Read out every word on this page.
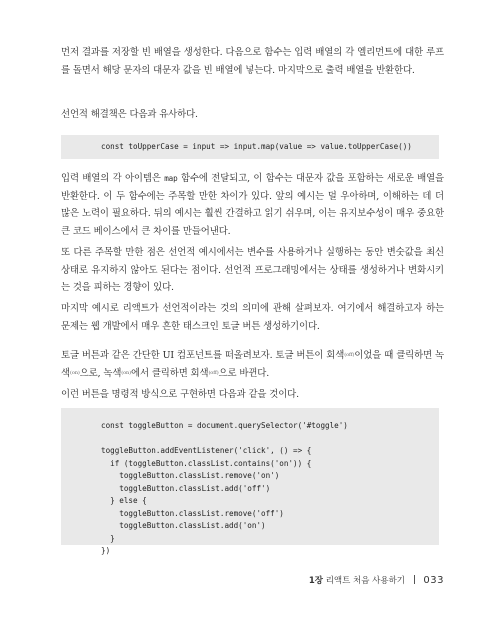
먼저 결과를 저장할 빈 배열을 생성한다. 다음으로 함수는 입력 배열의 각 엘리먼트에 대한 루프를 돌면서 해당 문자의 대문자 값을 빈 배열에 넣는다. 마지막으로 출력 배열을 반환한다.

선언적 해결책은 다음과 유사하다.

const toUpperCase = input => input.map(value => value.toUpperCase())

입력 배열의 각 아이템은 map 함수에 전달되고, 이 함수는 대문자 값을 포함하는 새로운 배열을 반환한다. 이 두 함수에는 주목할 만한 차이가 있다. 앞의 예시는 덜 우아하며, 이해하는 데 더 많은 노력이 필요하다. 뒤의 예시는 훨씬 간결하고 읽기 쉬우며, 이는 유지보수성이 매우 중요한 큰 코드 베이스에서 큰 차이를 만들어낸다.

또 다른 주목할 만한 점은 선언적 예시에서는 변수를 사용하거나 실행하는 동안 변숫값을 최신 상태로 유지하지 않아도 된다는 점이다. 선언적 프로그래밍에서는 상태를 생성하거나 변화시키는 것을 피하는 경향이 있다.

마지막 예시로 리액트가 선언적이라는 것의 의미에 관해 살펴보자. 여기에서 해결하고자 하는 문제는 웹 개발에서 매우 흔한 태스크인 토글 버튼 생성하기이다.

토글 버튼과 같은 간단한 UI 컴포넌트를 떠올려보자. 토글 버튼이 회색$^{(off)}$이었을 때 클릭하면 녹색$^{(on)}$으로, 녹색$^{(on)}$에서 클릭하면 회색$^{(off)}$으로 바뀐다.

이런 버튼을 명령적 방식으로 구현하면 다음과 같을 것이다.

const toggleButton = document.querySelector('#toggle')

toggleButton.addEventListener('click', () => {
if (toggleButton.classList.contains('on')) {
toggleButton.classList.remove('on')
toggleButton.classList.add('off')
} else {
toggleButton.classList.remove('off')
toggleButton.classList.add('on')
}
})
1장 리액트 처음 사용하기 033
